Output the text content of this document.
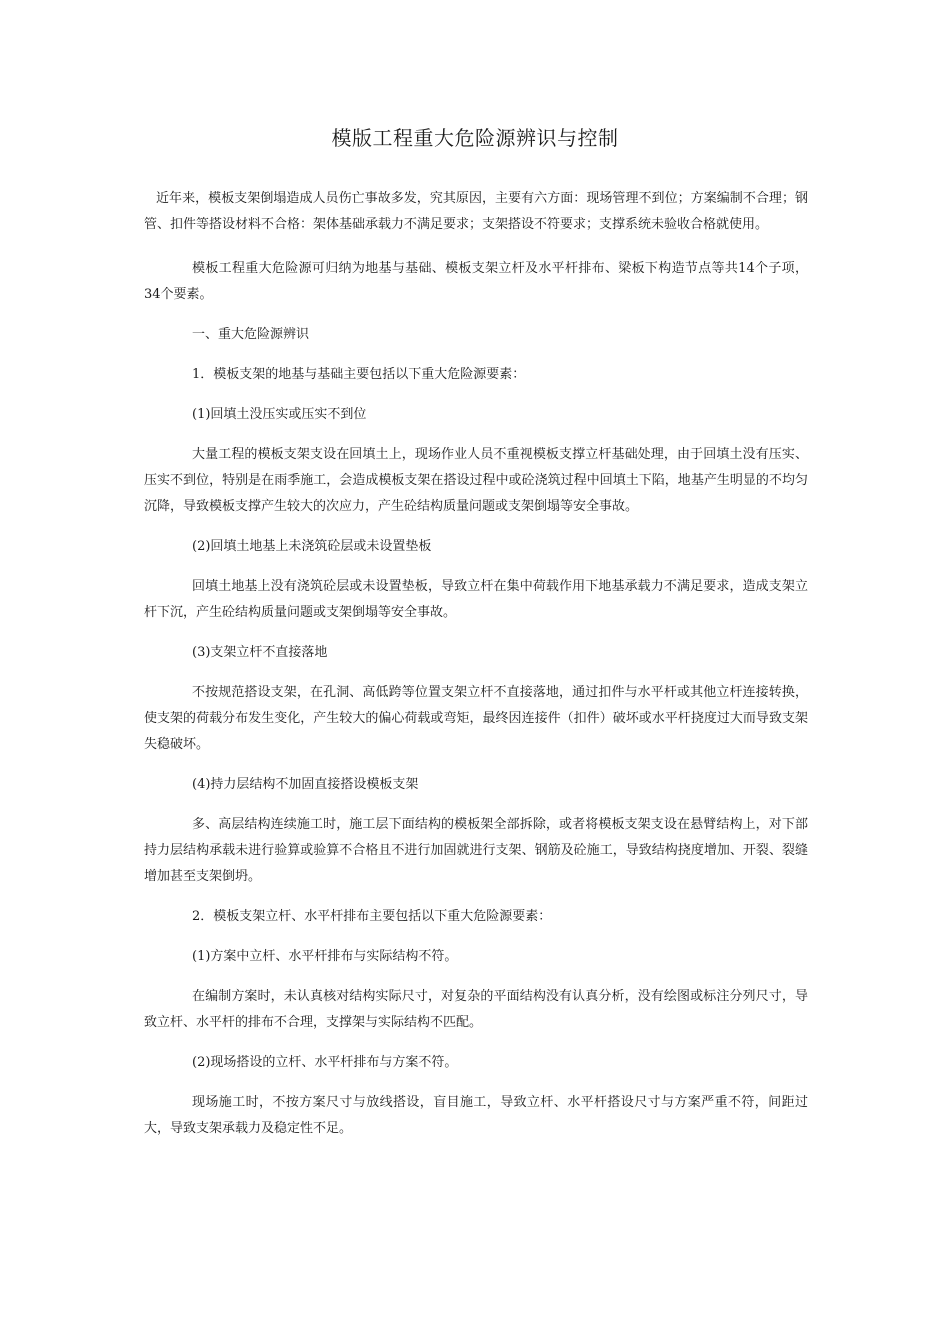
模版工程重大危险源辨识与控制

近年来，模板支架倒塌造成人员伤亡事故多发，究其原因，主要有六方面：现场管理不到位；方案编制不合理；钢管、扣件等搭设材料不合格：架体基础承载力不满足要求；支架搭设不符要求；支撑系统未验收合格就使用。

模板工程重大危险源可归纳为地基与基础、模板支架立杆及水平杆排布、梁板下构造节点等共14个子项，34个要素。

一、重大危险源辨识

1．模板支架的地基与基础主要包括以下重大危险源要素：

(1)回填土没压实或压实不到位

大量工程的模板支架支设在回填土上，现场作业人员不重视模板支撑立杆基础处理，由于回填土没有压实、压实不到位，特别是在雨季施工，会造成模板支架在搭设过程中或砼浇筑过程中回填土下陷，地基产生明显的不均匀沉降，导致模板支撑产生较大的次应力，产生砼结构质量问题或支架倒塌等安全事故。

(2)回填土地基上未浇筑砼层或未设置垫板

回填土地基上没有浇筑砼层或未设置垫板，导致立杆在集中荷载作用下地基承载力不满足要求，造成支架立杆下沉，产生砼结构质量问题或支架倒塌等安全事故。

(3)支架立杆不直接落地

不按规范搭设支架，在孔洞、高低跨等位置支架立杆不直接落地，通过扣件与水平杆或其他立杆连接转换，使支架的荷载分布发生变化，产生较大的偏心荷载或弯矩，最终因连接件（扣件）破坏或水平杆挠度过大而导致支架失稳破坏。

(4)持力层结构不加固直接搭设模板支架

多、高层结构连续施工时，施工层下面结构的模板架全部拆除，或者将模板支架支设在悬臂结构上，对下部持力层结构承载未进行验算或验算不合格且不进行加固就进行支架、钢筋及砼施工，导致结构挠度增加、开裂、裂缝增加甚至支架倒坍。

2．模板支架立杆、水平杆排布主要包括以下重大危险源要素：

(1)方案中立杆、水平杆排布与实际结构不符。

在编制方案时，未认真核对结构实际尺寸，对复杂的平面结构没有认真分析，没有绘图或标注分列尺寸，导致立杆、水平杆的排布不合理，支撑架与实际结构不匹配。

(2)现场搭设的立杆、水平杆排布与方案不符。

现场施工时，不按方案尺寸与放线搭设，盲目施工，导致立杆、水平杆搭设尺寸与方案严重不符，间距过大，导致支架承载力及稳定性不足。
